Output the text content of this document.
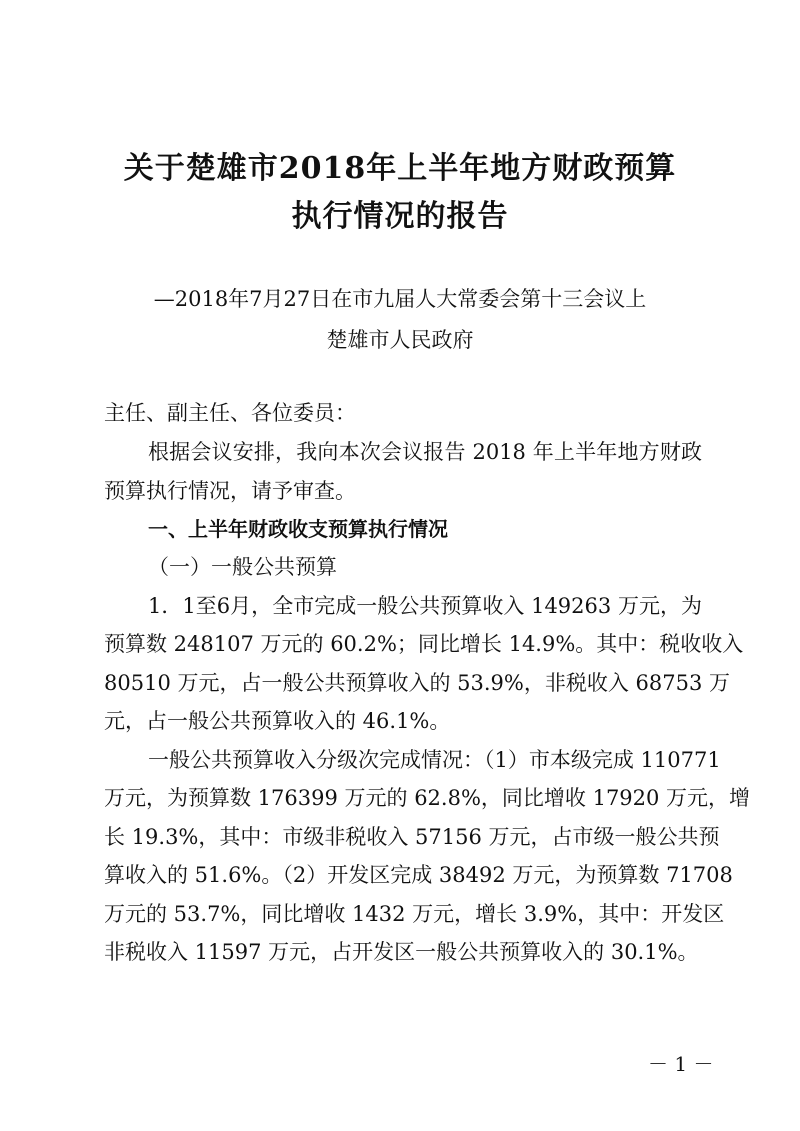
关于楚雄市2018年上半年地方财政预算
执行情况的报告
—2018年7月27日在市九届人大常委会第十三会议上
楚雄市人民政府
主任、副主任、各位委员：
根据会议安排，我向本次会议报告 2018 年上半年地方财政
预算执行情况，请予审查。
一、上半年财政收支预算执行情况
（一）一般公共预算
1．1至6月，全市完成一般公共预算收入 149263 万元，为
预算数 248107 万元的 60.2%；同比增长 14.9%。其中：税收收入
80510 万元，占一般公共预算收入的 53.9%，非税收入 68753 万
元，占一般公共预算收入的 46.1%。
一般公共预算收入分级次完成情况：（1）市本级完成 110771
万元，为预算数 176399 万元的 62.8%，同比增收 17920 万元，增
长 19.3%，其中：市级非税收入 57156 万元，占市级一般公共预
算收入的 51.6%。（2）开发区完成 38492 万元，为预算数 71708
万元的 53.7%，同比增收 1432 万元，增长 3.9%，其中：开发区
非税收入 11597 万元，占开发区一般公共预算收入的 30.1%。
－ 1 －
